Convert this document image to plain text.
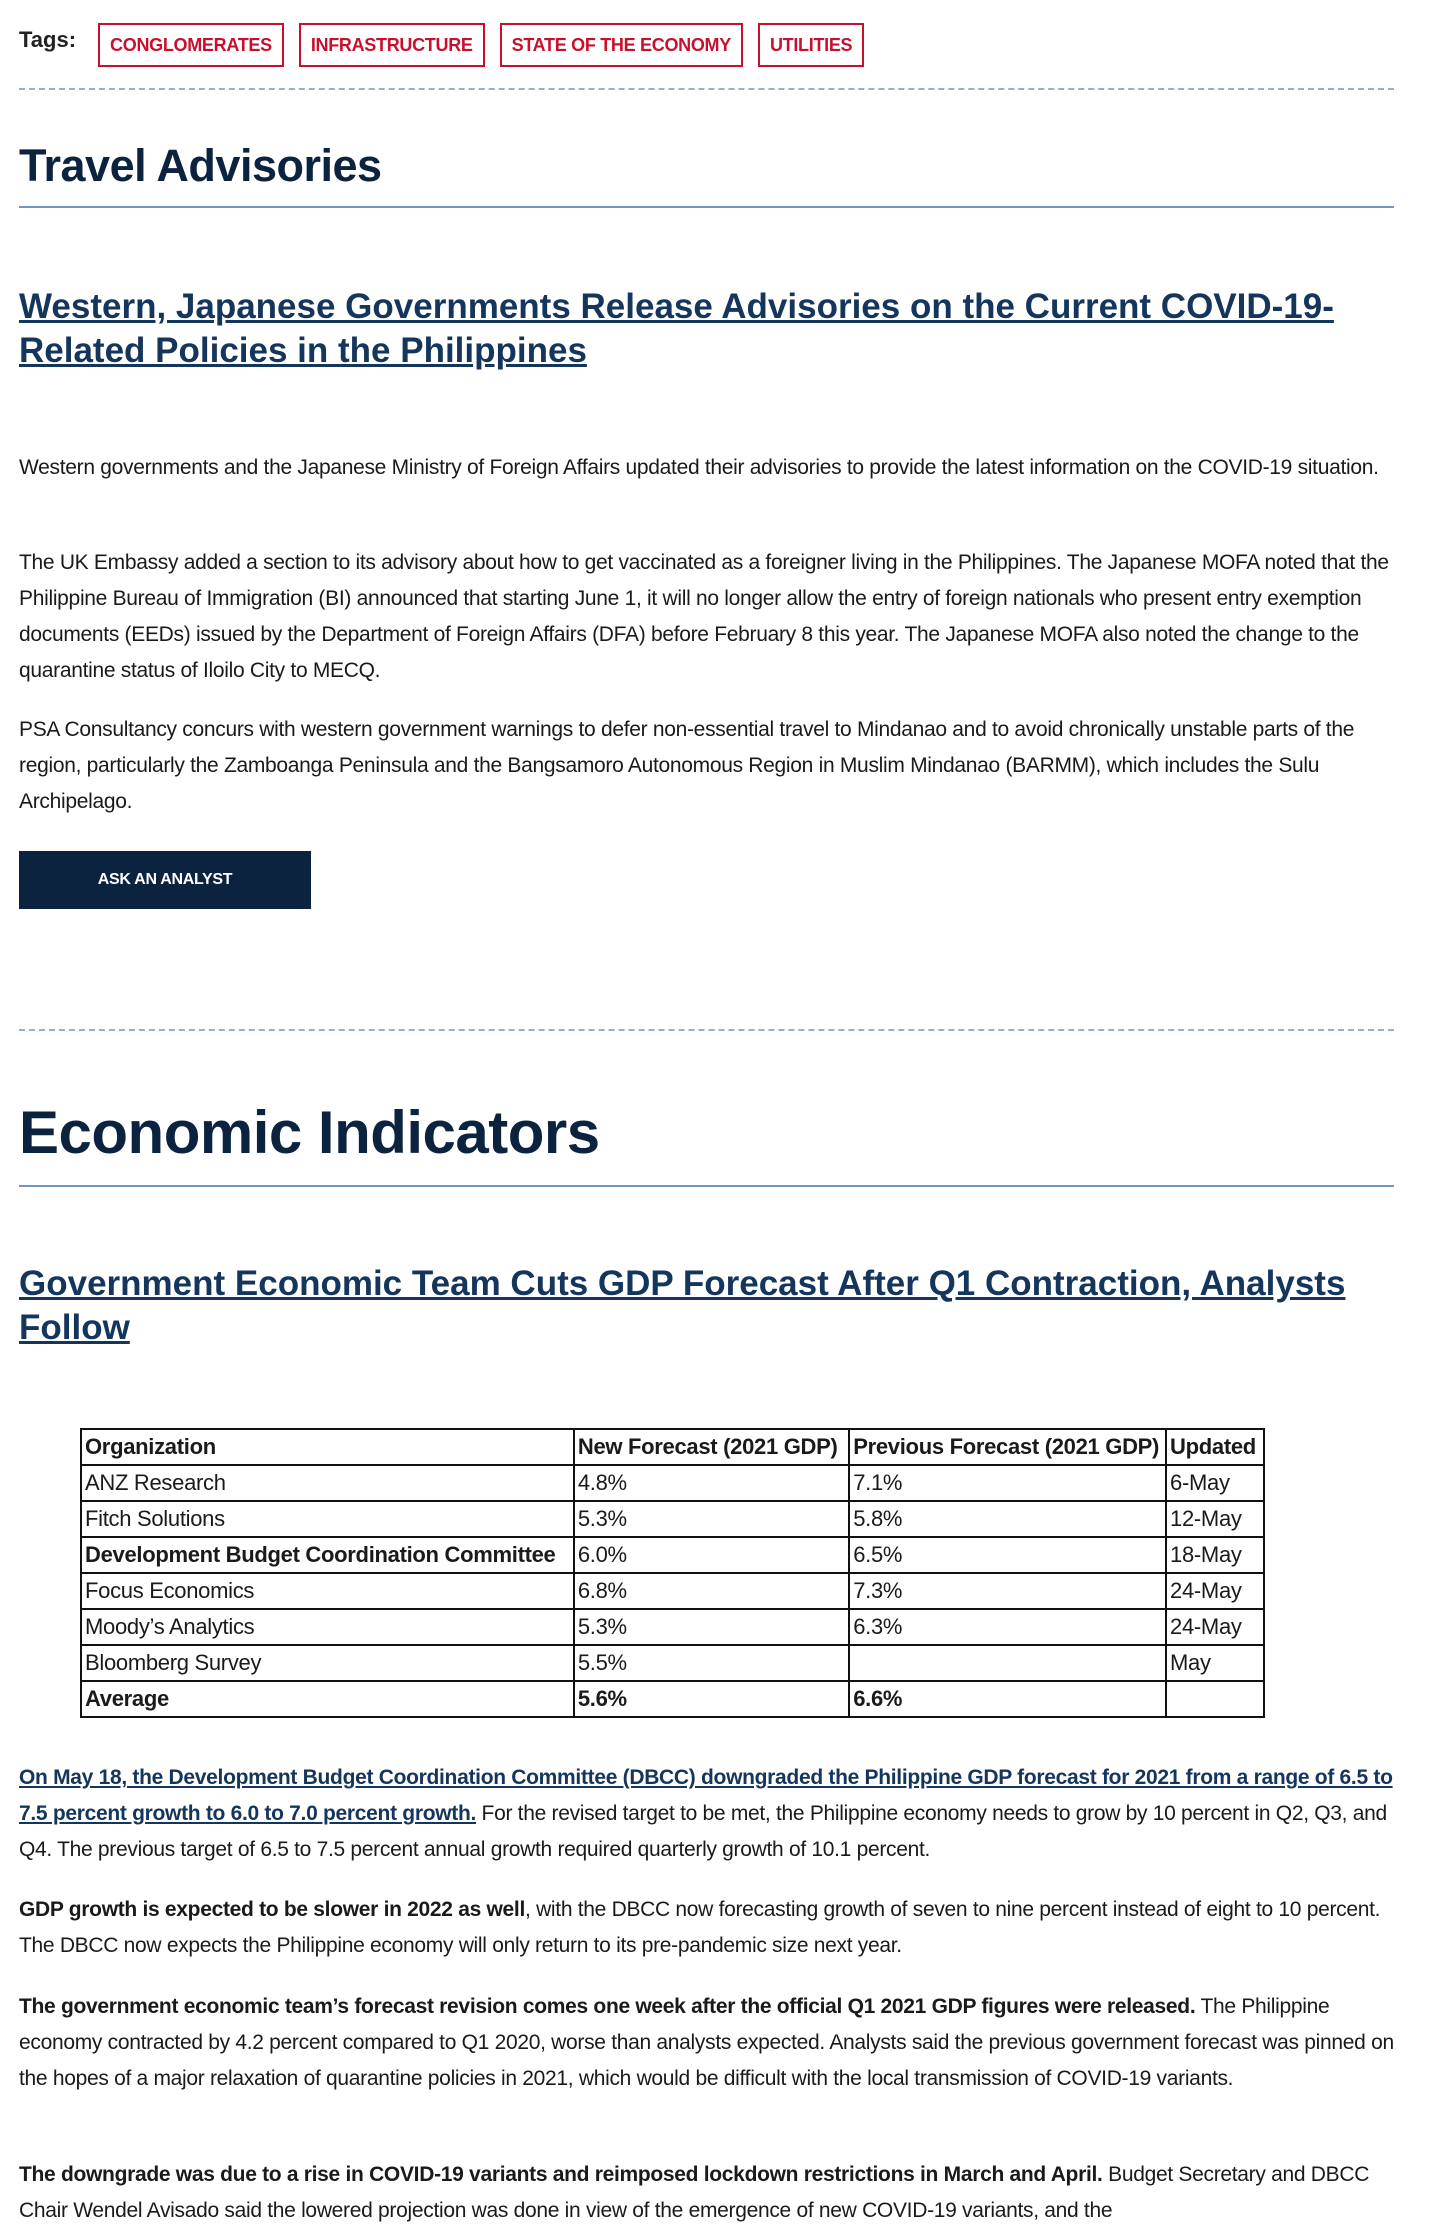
Tags:	CONGLOMERATES	INFRASTRUCTURE	STATE OF THE ECONOMY	UTILITIES
Travel Advisories
Western, Japanese Governments Release Advisories on the Current COVID-19-Related Policies in the Philippines

Western governments and the Japanese Ministry of Foreign Affairs updated their advisories to provide the latest information on the COVID-19 situation.

The UK Embassy added a section to its advisory about how to get vaccinated as a foreigner living in the Philippines. The Japanese MOFA noted that the Philippine Bureau of Immigration (BI) announced that starting June 1, it will no longer allow the entry of foreign nationals who present entry exemption documents (EEDs) issued by the Department of Foreign Affairs (DFA) before February 8 this year. The Japanese MOFA also noted the change to the quarantine status of Iloilo City to MECQ.

PSA Consultancy concurs with western government warnings to defer non-essential travel to Mindanao and to avoid chronically unstable parts of the region, particularly the Zamboanga Peninsula and the Bangsamoro Autonomous Region in Muslim Mindanao (BARMM), which includes the Sulu Archipelago.

ASK AN ANALYST
Economic Indicators
Government Economic Team Cuts GDP Forecast After Q1 Contraction, Analysts Follow
Organization	New Forecast (2021 GDP)	Previous Forecast (2021 GDP)	Updated
ANZ Research	4.8%	7.1%	6-May
Fitch Solutions	5.3%	5.8%	12-May
Development Budget Coordination Committee	6.0%	6.5%	18-May
Focus Economics	6.8%	7.3%	24-May
Moody’s Analytics	5.3%	6.3%	24-May
Bloomberg Survey	5.5%		May
Average	5.6%	6.6%	

On May 18, the Development Budget Coordination Committee (DBCC) downgraded the Philippine GDP forecast for 2021 from a range of 6.5 to 7.5 percent growth to 6.0 to 7.0 percent growth. For the revised target to be met, the Philippine economy needs to grow by 10 percent in Q2, Q3, and Q4. The previous target of 6.5 to 7.5 percent annual growth required quarterly growth of 10.1 percent.

GDP growth is expected to be slower in 2022 as well, with the DBCC now forecasting growth of seven to nine percent instead of eight to 10 percent. The DBCC now expects the Philippine economy will only return to its pre-pandemic size next year.

The government economic team’s forecast revision comes one week after the official Q1 2021 GDP figures were released. The Philippine economy contracted by 4.2 percent compared to Q1 2020, worse than analysts expected. Analysts said the previous government forecast was pinned on the hopes of a major relaxation of quarantine policies in 2021, which would be difficult with the local transmission of COVID-19 variants.

The downgrade was due to a rise in COVID-19 variants and reimposed lockdown restrictions in March and April. Budget Secretary and DBCC Chair Wendel Avisado said the lowered projection was done in view of the emergence of new COVID-19 variants, and the
